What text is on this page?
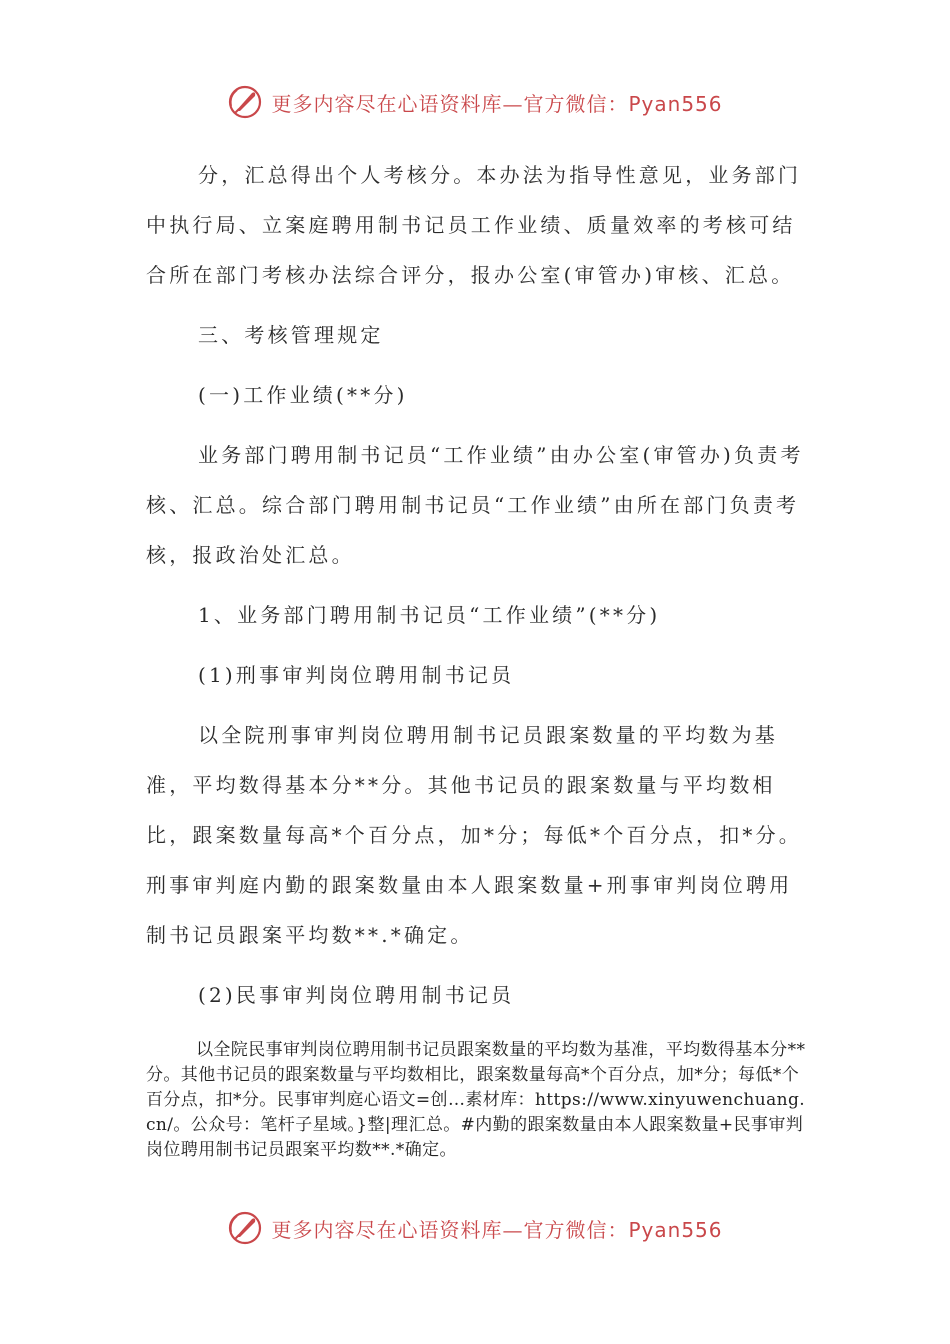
更多内容尽在心语资料库—官方微信：Pyan556

分，汇总得出个人考核分。本办法为指导性意见，业务部门中执行局、立案庭聘用制书记员工作业绩、质量效率的考核可结合所在部门考核办法综合评分，报办公室(审管办)审核、汇总。

三、考核管理规定

(一)工作业绩(**分)

业务部门聘用制书记员“工作业绩”由办公室(审管办)负责考核、汇总。综合部门聘用制书记员“工作业绩”由所在部门负责考核，报政治处汇总。

1、业务部门聘用制书记员“工作业绩”(**分)

(1)刑事审判岗位聘用制书记员

以全院刑事审判岗位聘用制书记员跟案数量的平均数为基准，平均数得基本分**分。其他书记员的跟案数量与平均数相比，跟案数量每高*个百分点，加*分；每低*个百分点，扣*分。刑事审判庭内勤的跟案数量由本人跟案数量+刑事审判岗位聘用制书记员跟案平均数**.*确定。

(2)民事审判岗位聘用制书记员

以全院民事审判岗位聘用制书记员跟案数量的平均数为基准，平均数得基本分**分。其他书记员的跟案数量与平均数相比，跟案数量每高*个百分点，加*分；每低*个百分点，扣*分。民事审判庭心语文=创…素材库：https://www.xinyuwenchuang.cn/。公众号：笔杆子星域。}整|理汇总。#内勤的跟案数量由本人跟案数量+民事审判岗位聘用制书记员跟案平均数**.*确定。

更多内容尽在心语资料库—官方微信：Pyan556
